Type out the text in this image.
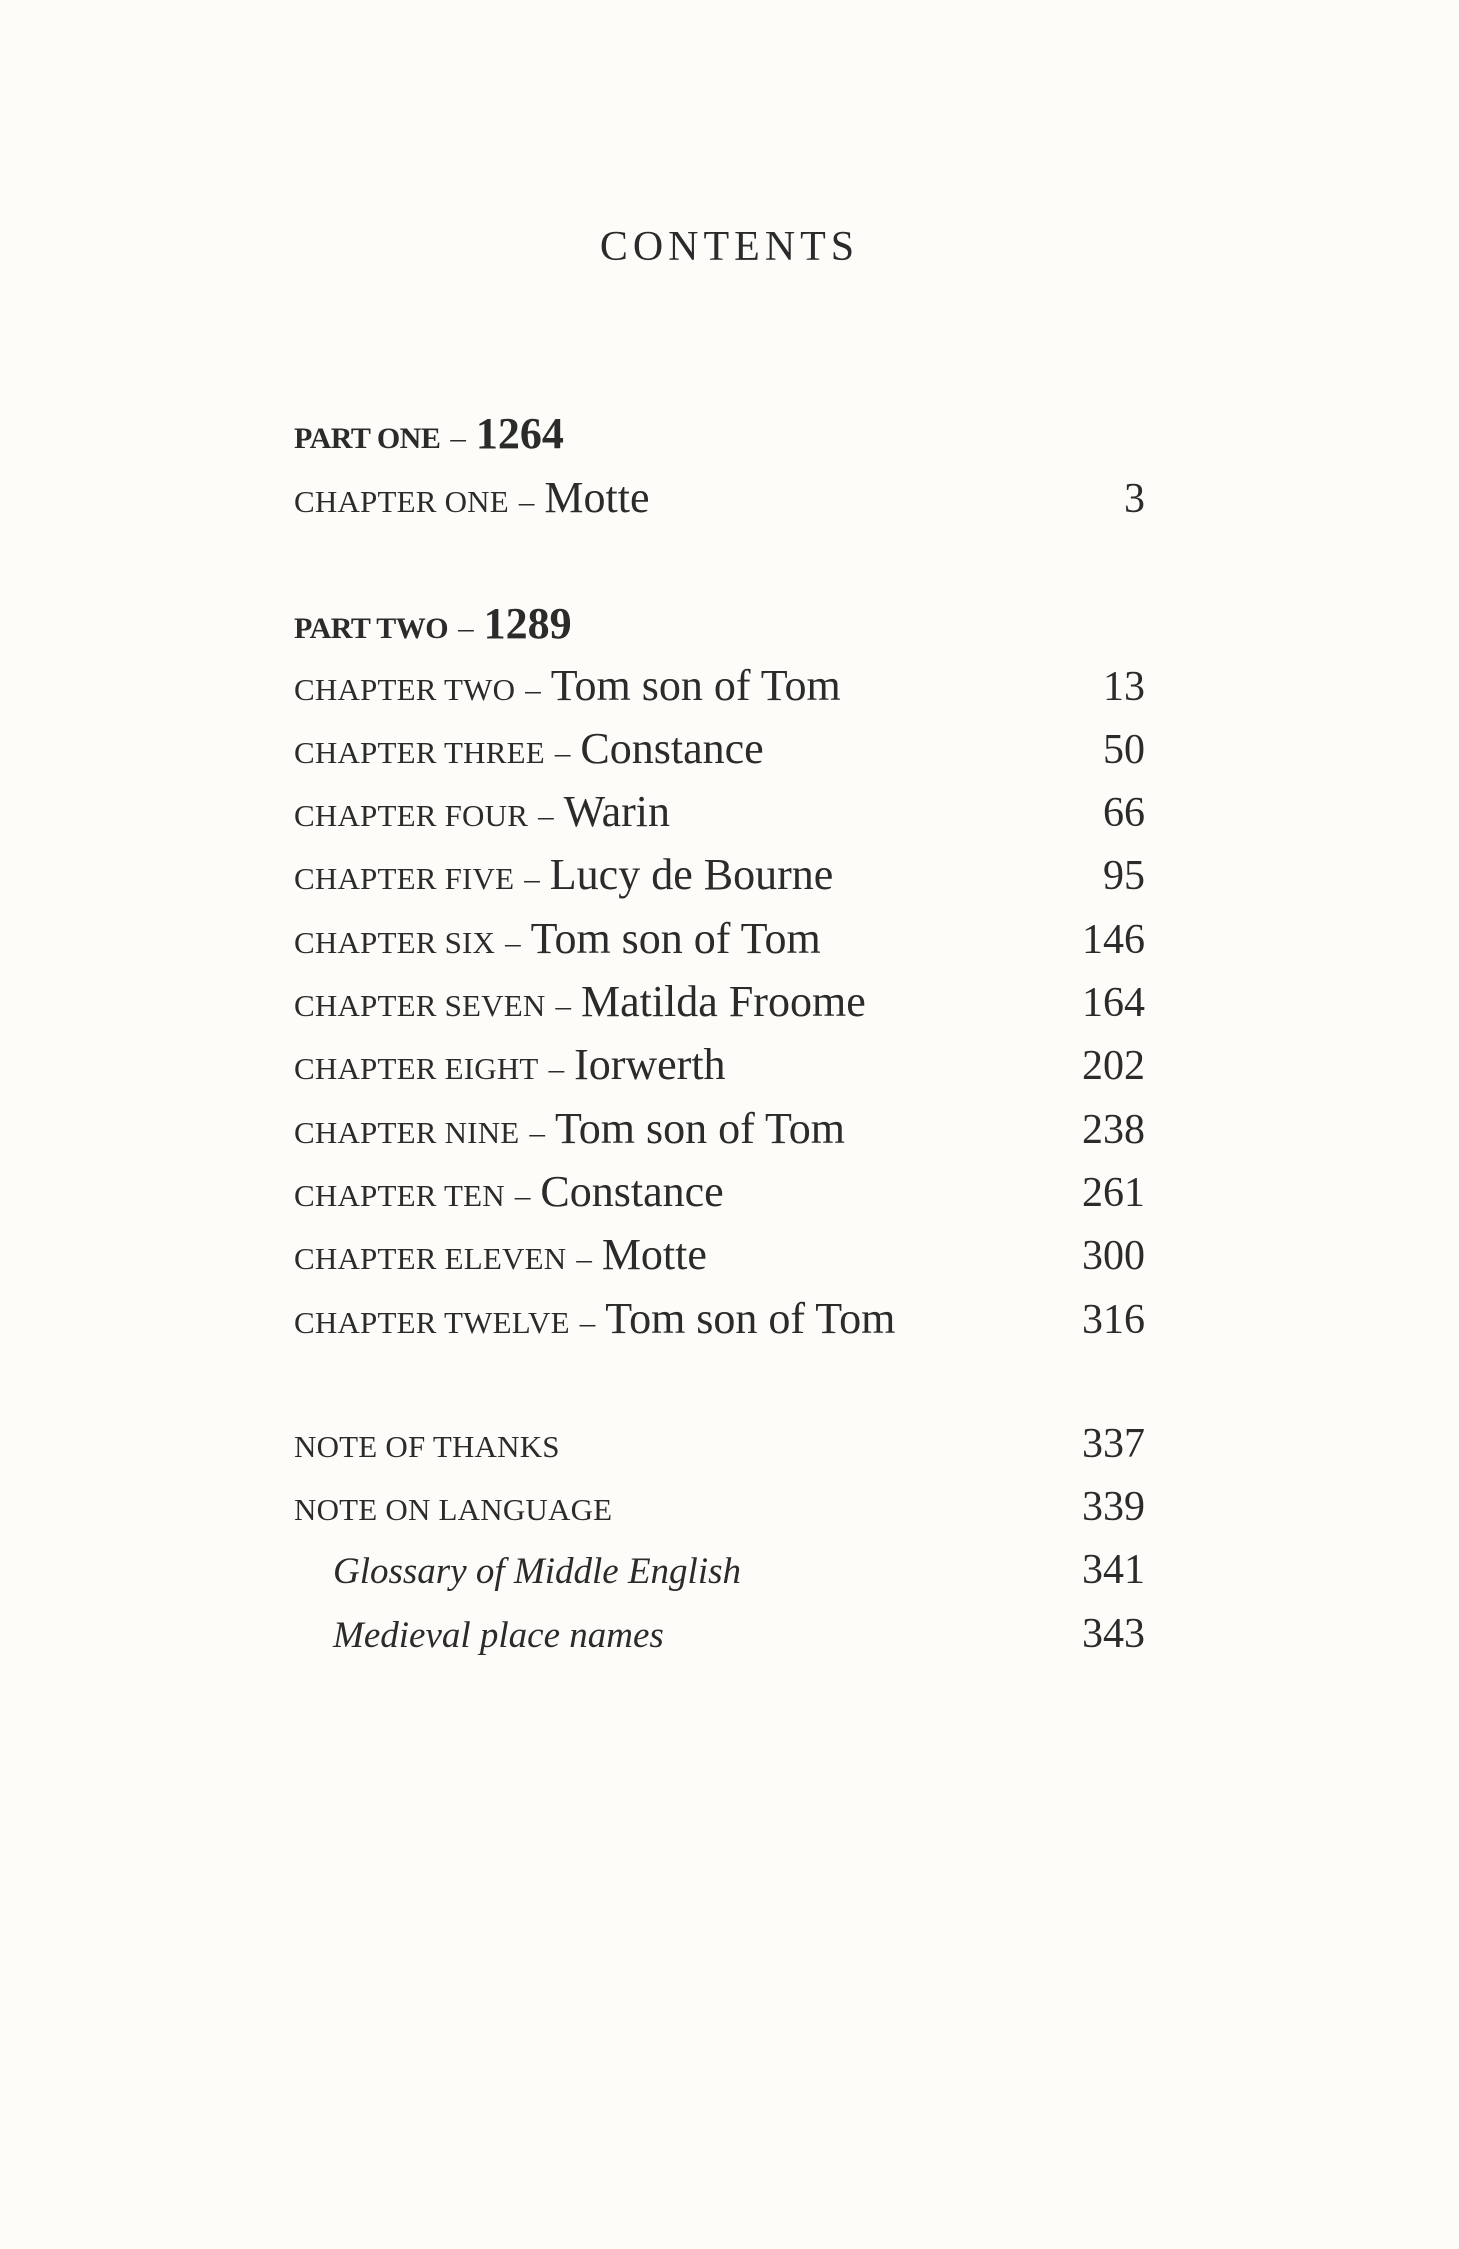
CONTENTS
PART ONE – 1264
CHAPTER ONE – Motte	3
PART TWO – 1289
CHAPTER TWO – Tom son of Tom	13
CHAPTER THREE – Constance	50
CHAPTER FOUR – Warin	66
CHAPTER FIVE – Lucy de Bourne	95
CHAPTER SIX – Tom son of Tom	146
CHAPTER SEVEN – Matilda Froome	164
CHAPTER EIGHT – Iorwerth	202
CHAPTER NINE – Tom son of Tom	238
CHAPTER TEN – Constance	261
CHAPTER ELEVEN – Motte	300
CHAPTER TWELVE – Tom son of Tom	316
NOTE OF THANKS	337
NOTE ON LANGUAGE	339
Glossary of Middle English	341
Medieval place names	343
